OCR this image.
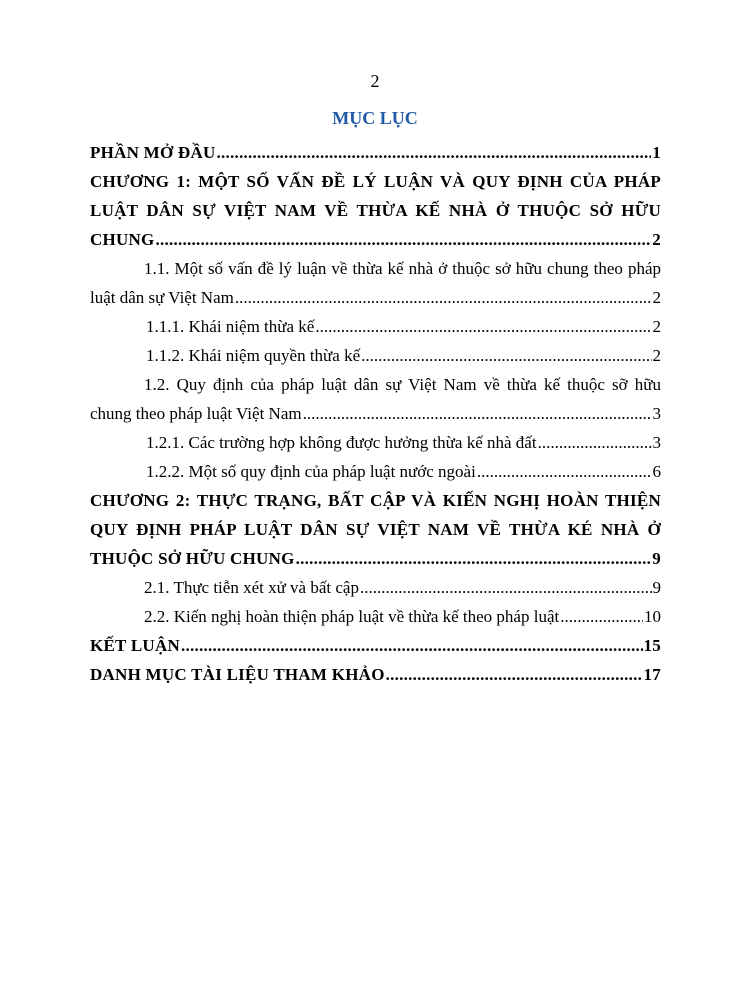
2
MỤC LỤC
PHẦN MỞ ĐẦU .....	1
CHƯƠNG 1: MỘT SỐ VẤN ĐỀ LÝ LUẬN VÀ QUY ĐỊNH CỦA PHÁP
LUẬT DÂN SỰ VIỆT NAM VỀ THỪA KẾ NHÀ Ở THUỘC SỞ HỮU
CHUNG .....	2
1.1. Một số vấn đề lý luận về thừa kế nhà ở thuộc sở hữu chung theo pháp
luật dân sự Việt Nam .....	2
1.1.1. Khái niệm thừa kế .....	2
1.1.2. Khái niệm quyền thừa kế .....	2
1.2. Quy định của pháp luật dân sự Việt Nam về thừa kế thuộc sỡ hữu
chung theo pháp luật Việt Nam .....	3
1.2.1. Các trường hợp không được hưởng thừa kế nhà đất .....	3
1.2.2. Một số quy định của pháp luật nước ngoài .....	6
CHƯƠNG 2: THỰC TRẠNG, BẤT CẬP VÀ KIẾN NGHỊ HOÀN THIỆN
QUY ĐỊNH PHÁP LUẬT DÂN SỰ VIỆT NAM VỀ THỪA KÉ NHÀ Ở
THUỘC SỞ HỮU CHUNG .....	9
2.1. Thực tiễn xét xử và bất cập .....	9
2.2. Kiến nghị hoàn thiện pháp luật về thừa kế theo pháp luật .....	10
KẾT LUẬN .....	15
DANH MỤC TÀI LIỆU THAM KHẢO .....	17
